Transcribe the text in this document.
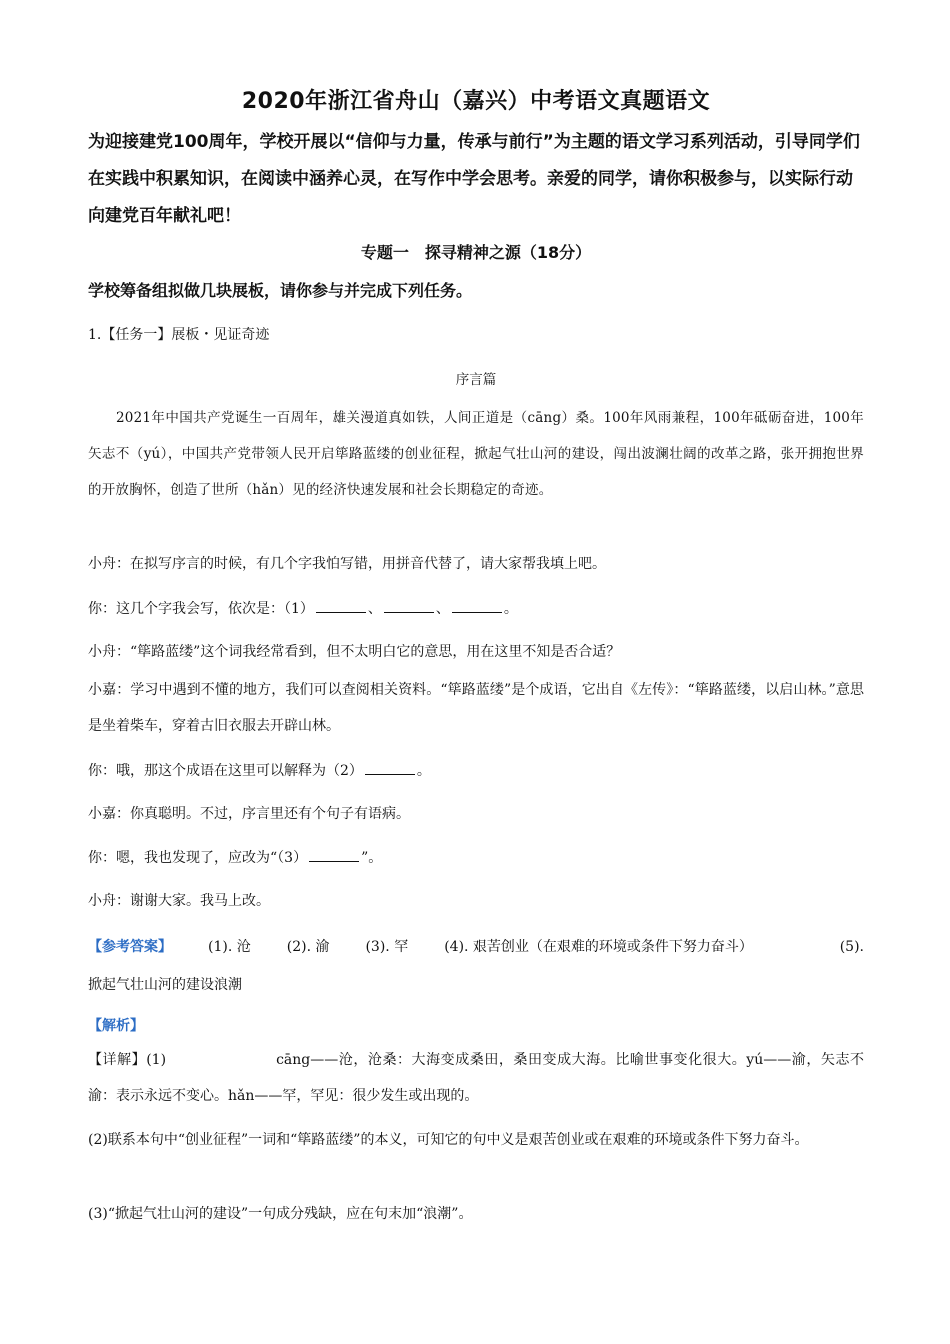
2020年浙江省舟山（嘉兴）中考语文真题语文
为迎接建党100周年，学校开展以“信仰与力量，传承与前行”为主题的语文学习系列活动，引导同学们在实践中积累知识，在阅读中涵养心灵，在写作中学会思考。亲爱的同学，请你积极参与，以实际行动向建党百年献礼吧！
专题一　探寻精神之源（18分）
学校筹备组拟做几块展板，请你参与并完成下列任务。
1.【任务一】展板・见证奇迹
序言篇
2021年中国共产党诞生一百周年，雄关漫道真如铁，人间正道是（cāng）桑。100年风雨兼程，100年砥砺奋进，100年矢志不（yú），中国共产党带领人民开启筚路蓝缕的创业征程，掀起气壮山河的建设，闯出波澜壮阔的改革之路，张开拥抱世界的开放胸怀，创造了世所（hǎn）见的经济快速发展和社会长期稳定的奇迹。
小舟：在拟写序言的时候，有几个字我怕写错，用拼音代替了，请大家帮我填上吧。
你：这几个字我会写，依次是：（1）	、	、	。
小舟：“筚路蓝缕”这个词我经常看到，但不太明白它的意思，用在这里不知是否合适？
小嘉：学习中遇到不懂的地方，我们可以查阅相关资料。“筚路蓝缕”是个成语，它出自《左传》：“筚路蓝缕，以启山林。”意思是坐着柴车，穿着古旧衣服去开辟山林。
你：哦，那这个成语在这里可以解释为（2）	。
小嘉：你真聪明。不过，序言里还有个句子有语病。
你：嗯，我也发现了，应改为“（3）	”。
小舟：谢谢大家。我马上改。
【参考答案】	(1). 沧	(2). 渝	(3). 罕	(4). 艰苦创业（在艰难的环境或条件下努力奋斗）	(5).

掀起气壮山河的建设浪潮
【解析】
【详解】(1)	cāng——沧，沧桑：大海变成桑田，桑田变成大海。比喻世事变化很大。yú——渝，矢志不渝：表示永远不变心。hǎn——罕，罕见：很少发生或出现的。
(2)联系本句中“创业征程”一词和“筚路蓝缕”的本义，可知它的句中义是艰苦创业或在艰难的环境或条件下努力奋斗。
(3)“掀起气壮山河的建设”一句成分残缺，应在句末加“浪潮”。
